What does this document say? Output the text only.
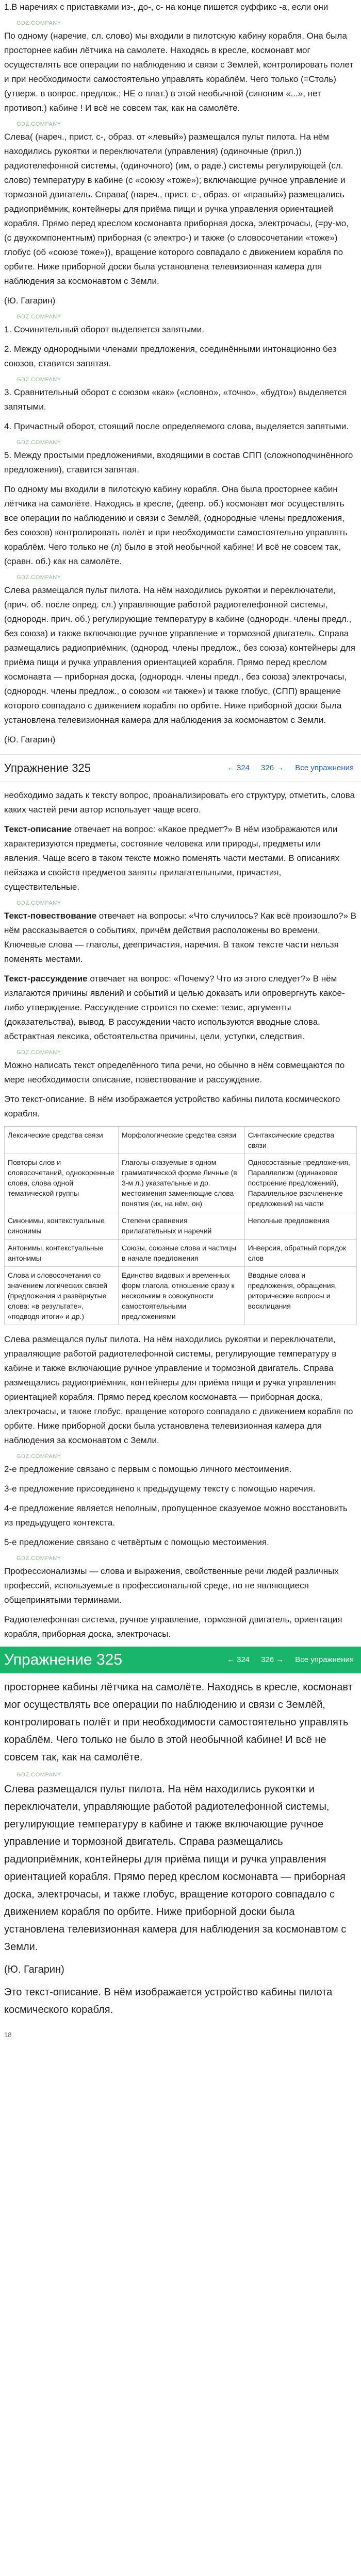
1.В наречиях с приставками из-, до-, с- на конце пишется суффикс -а, если они

GDZ.COMPANY

По одному (наречие, сл. слово) мы входили в пилотскую кабину корабля. Она была просторнее кабин лётчика на самолете. Находясь в кресле, космонавт мог осуществлять все операции по наблюдению и связи с Землей, контролировать полет и при необходимости самостоятельно управлять кораблём. Чего только (=Столь) (утверж. в вопрос. предлож.; НЕ о плат.) в этой необычной (синоним «...», нет противоп.) кабине ! И всё не совсем так, как на самолёте.

GDZ.COMPANY

Слева( (нареч., прист. с-, образ. от «левый») размещался пульт пилота. На нём находились рукоятки и переключатели (управления) (одиночные (прил.)) радиотелефонной системы, (одиночного) (им, о раде.) системы регулирующей (сл. слово) температуру в кабине (с «союзу «тоже»); включающие ручное управление и тормозной двигатель. Справа( (нареч., прист. с-, образ. от «правый») размещались радиоприёмник, контейнеры для приёма пищи и ручка управления ориентацией корабля. Прямо перед креслом космонавта приборная доска, электрочасы, (=ру-мо, (с двухкомпонентным) приборная (с электро-) и также (о словосочетании «тоже») глобус (об «союзе тоже»)), вращение которого совпадало с движением корабля по орбите. Ниже приборной доски была установлена телевизионная камера для наблюдения за космонавтом с Земли.

(Ю. Гагарин)

GDZ.COMPANY

1. Сочинительный оборот выделяется запятыми.

2. Между однородными членами предложения, соединёнными интонационно без союзов, ставится запятая.

GDZ.COMPANY

3. Сравнительный оборот с союзом «как» («словно», «точно», «будто») выделяется запятыми.

4. Причастный оборот, стоящий после определяемого слова, выделяется запятыми.

GDZ.COMPANY

5. Между простыми предложениями, входящими в состав СПП (сложноподчинённого предложения), ставится запятая.

По одному мы входили в пилотскую кабину корабля. Она была просторнее кабин лётчика на самолёте. Находясь в кресле, (деепр. об.) космонавт мог осуществлять все операции по наблюдению и связи с Землёй, (однородные члены предложения, без союзов) контролировать полёт и при необходимости самостоятельно управлять кораблём. Чего только не (л) было в этой необычной кабине! И всё не совсем так, (сравн. об.) как на самолёте.

GDZ.COMPANY

Слева размещался пульт пилота. На нём находились рукоятки и переключатели, (прич. об. после опред. сл.) управляющие работой радиотелефонной системы, (однородн. прич. об.) регулирующие температуру в кабине (однородн. члены предл., без союза) и также включающие ручное управление и тормозной двигатель. Справа размещались радиоприёмник, (однород. члены предлож., без союза) контейнеры для приёма пищи и ручка управления ориентацией корабля. Прямо перед креслом космонавта — приборная доска, (однородн. члены предл., без союза) электрочасы, (однородн. члены предлож., о союзом «и также») и также глобус, (СПП) вращение которого совпадало с движением корабля по орбите. Ниже приборной доски была установлена телевизионная камера для наблюдения за космонавтом с Земли.

(Ю. Гагарин)

Упражнение 325	← 324	326 →	Все упражнения

необходимо задать к тексту вопрос, проанализировать его структуру, отметить, слова каких частей речи автор использует чаще всего.

Текст-описание отвечает на вопрос: «Какое предмет?» В нём изображаются или характеризуются предметы, состояние человека или природы, предметы или явления. Чаще всего в таком тексте можно поменять части местами. В описаниях пейзажа и свойств предметов заняты прилагательными, причастия, существительные.

GDZ.COMPANY

Текст-повествование отвечает на вопросы: «Что случилось? Как всё произошло?» В нём рассказывается о событиях, причём действия расположены во времени. Ключевые слова — глаголы, деепричастия, наречия. В таком тексте части нельзя поменять местами.

Текст-рассуждение отвечает на вопрос: «Почему? Что из этого следует?» В нём излагаются причины явлений и событий и целью доказать или опровергнуть какое-либо утверждение. Рассуждение строится по схеме: тезис, аргументы (доказательства), вывод. В рассуждении часто используются вводные слова, абстрактная лексика, обстоятельства причины, цели, уступки, следствия.

GDZ.COMPANY

Можно написать текст определённого типа речи, но обычно в нём совмещаются по мере необходимости описание, повествование и рассуждение.

Это текст-описание. В нём изображается устройство кабины пилота космического корабля.

Лексические средства связи	Морфологические средства связи	Синтаксические средства связи
Повторы слов и словосочетаний, однокоренные слова, слова одной тематической группы	Глаголы-сказуемые в одном грамматической форме Личные (в 3-м л.) указательные и др. местоимения заменяющие слова-понятия (их, на нём, он)	Односоставные предложения, Параллелизм (одинаковое построение предложений), Параллельное расчленение предложений на части
Синонимы, контекстуальные синонимы	Степени сравнения прилагательных и наречий	Неполные предложения
Антонимы, контекстуальные антонимы	Союзы, союзные слова и частицы в начале предложения	Инверсия, обратный порядок слов
Слова и словосочетания со значением логических связей (предложения и развёрнутые слова: «в результате», «подводя итоги» и др.)	Единство видовых и временных форм глагола, отношение сразу к нескольким в совокупности самостоятельными предложениями	Вводные слова и предложения, обращения, риторические вопросы и восклицания

Слева размещался пульт пилота. На нём находились рукоятки и переключатели, управляющие работой радиотелефонной системы, регулирующие температуру в кабине и также включающие ручное управление и тормозной двигатель. Справа размещались радиоприёмник, контейнеры для приёма пищи и ручка управления ориентацией корабля. Прямо перед креслом космонавта — приборная доска, электрочасы, и также глобус, вращение которого совпадало с движением корабля по орбите. Ниже приборной доски была установлена телевизионная камера для наблюдения за космонавтом с Земли.

GDZ.COMPANY

2-е предложение связано с первым с помощью личного местоимения.

3-е предложение присоединено к предыдущему тексту с помощью наречия.

4-е предложение является неполным, пропущенное сказуемое можно восстановить из предыдущего контекста.

5-е предложение связано с четвёртым с помощью местоимения.

GDZ.COMPANY

Профессионализмы — слова и выражения, свойственные речи людей различных профессий, используемые в профессиональной среде, но не являющиеся общепринятыми терминами.

Радиотелефонная система, ручное управление, тормозной двигатель, ориентация корабля, приборная доска, электрочасы.

Упражнение 325	← 324	326 →	Все упражнения

просторнее кабины лётчика на самолёте. Находясь в кресле, космонавт мог осуществлять все операции по наблюдению и связи с Землёй, контролировать полёт и при необходимости самостоятельно управлять кораблём. Чего только не было в этой необычной кабине! И всё не совсем так, как на самолёте.

GDZ.COMPANY

Слева размещался пульт пилота. На нём находились рукоятки и переключатели, управляющие работой радиотелефонной системы, регулирующие температуру в кабине и также включающие ручное управление и тормозной двигатель. Справа размещались радиоприёмник, контейнеры для приёма пищи и ручка управления ориентацией корабля. Прямо перед креслом космонавта — приборная доска, электрочасы, и также глобус, вращение которого совпадало с движением корабля по орбите. Ниже приборной доски была установлена телевизионная камера для наблюдения за космонавтом с Земли.

(Ю. Гагарин)

Это текст-описание. В нём изображается устройство кабины пилота космического корабля.

18
